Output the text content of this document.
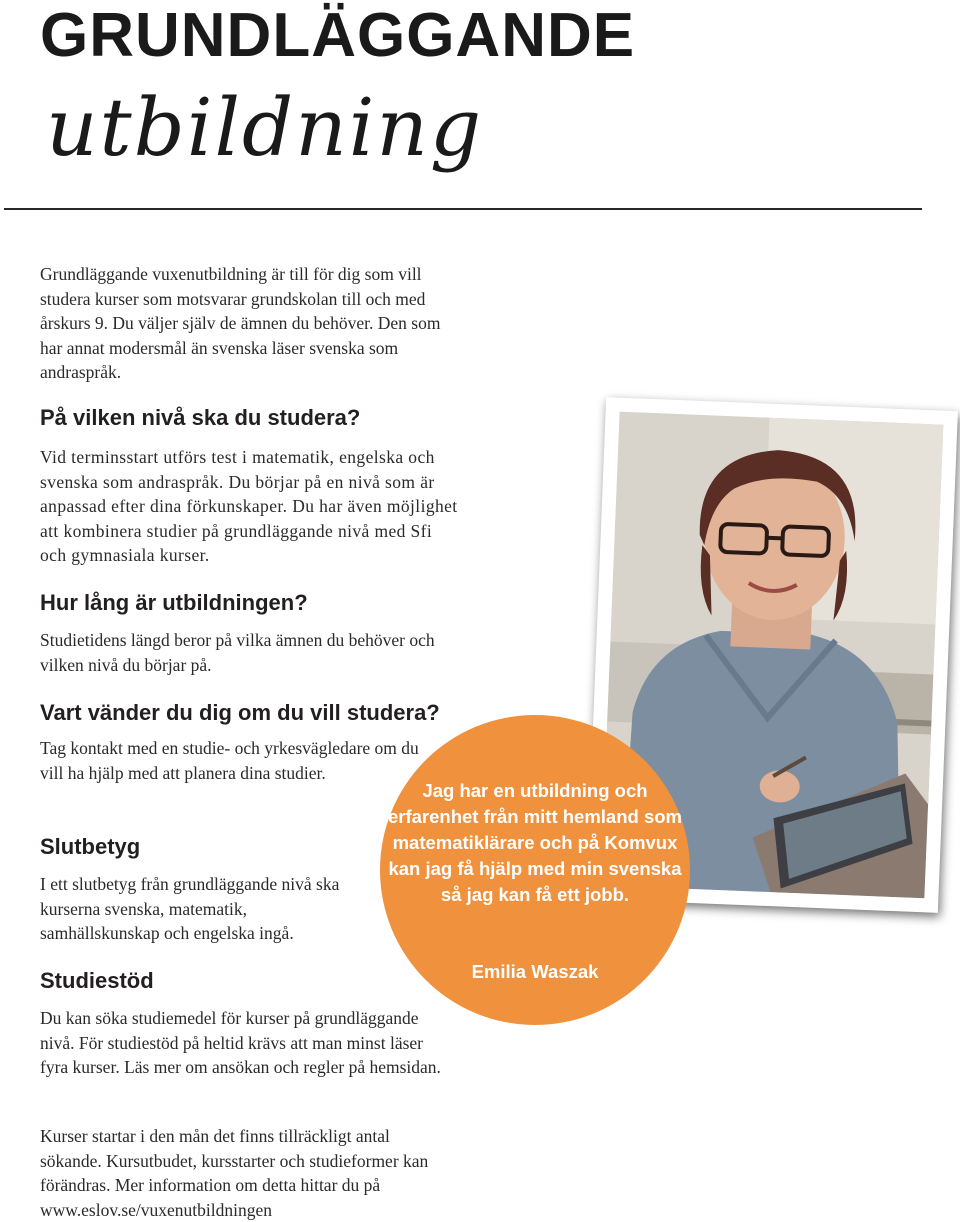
GRUNDLÄGGANDE
utbildning

Grundläggande vuxenutbildning är till för dig som vill studera kurser som motsvarar grundskolan till och med årskurs 9. Du väljer själv de ämnen du behöver. Den som har annat modersmål än svenska läser svenska som andraspråk.

På vilken nivå ska du studera?

Vid terminsstart utförs test i matematik, engelska och svenska som andraspråk. Du börjar på en nivå som är anpassad efter dina förkunskaper. Du har även möjlighet att kombinera studier på grundläggande nivå med Sfi och gymnasiala kurser.

Hur lång är utbildningen?

Studietidens längd beror på vilka ämnen du behöver och vilken nivå du börjar på.

Vart vänder du dig om du vill studera?

Tag kontakt med en studie- och yrkesvägledare om du vill ha hjälp med att planera dina studier.

Slutbetyg

I ett slutbetyg från grundläggande nivå ska kurserna svenska, matematik, samhällskunskap och engelska ingå.

Studiestöd

Du kan söka studiemedel för kurser på grundläggande nivå. För studiestöd på heltid krävs att man minst läser fyra kurser. Läs mer om ansökan och regler på hemsidan.

Kurser startar i den mån det finns tillräckligt antal sökande. Kursutbudet, kursstarter och studieformer kan förändras. Mer information om detta hittar du på www.eslov.se/vuxenutbildningen

Jag har en utbildning och erfarenhet från mitt hemland som matematiklärare och på Komvux kan jag få hjälp med min svenska så jag kan få ett jobb.

Emilia Waszak
